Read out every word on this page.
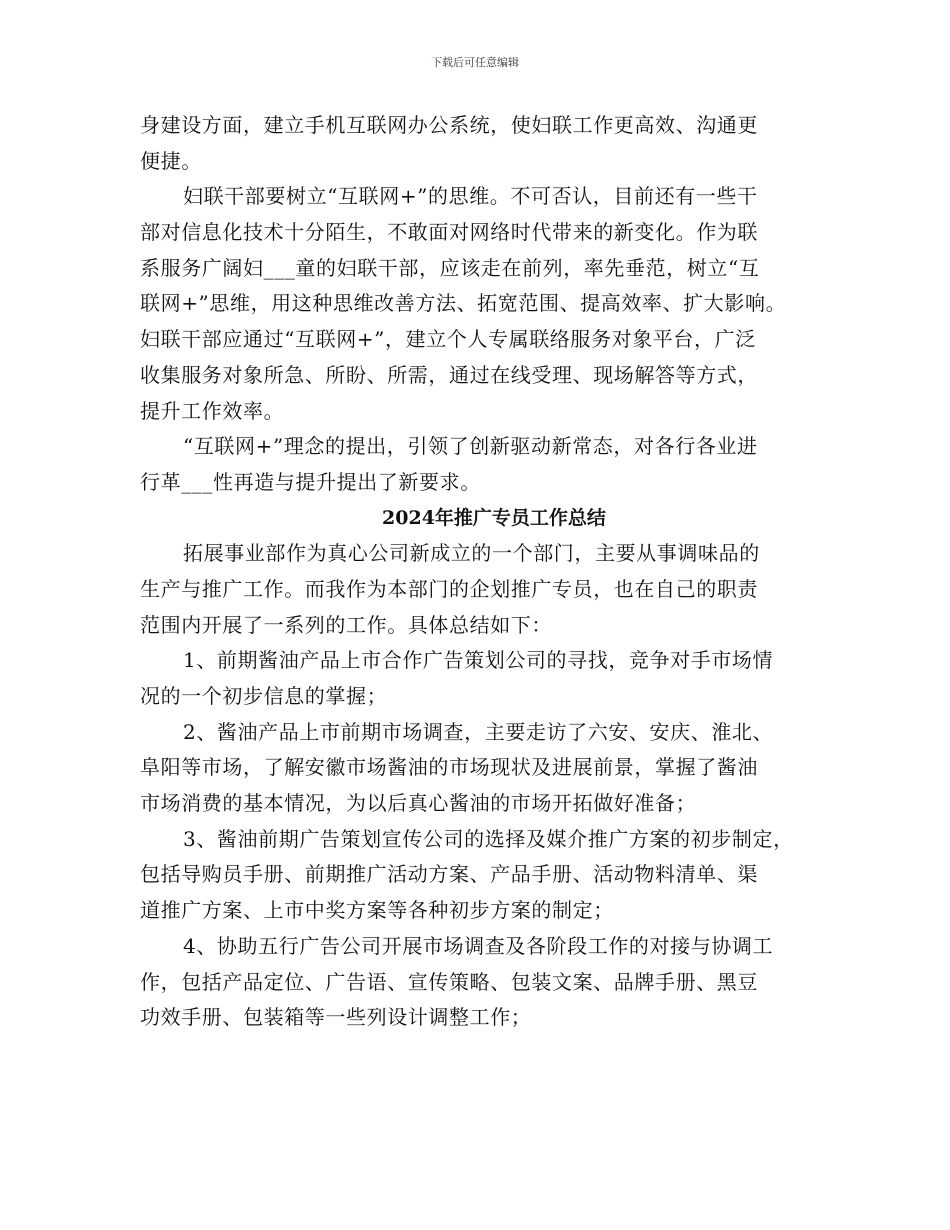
下载后可任意编辑
身建设方面，建立手机互联网办公系统，使妇联工作更高效、沟通更
便捷。
妇联干部要树立“互联网+”的思维。不可否认，目前还有一些干
部对信息化技术十分陌生，不敢面对网络时代带来的新变化。作为联
系服务广阔妇___童的妇联干部，应该走在前列，率先垂范，树立“互
联网+”思维，用这种思维改善方法、拓宽范围、提高效率、扩大影响。
妇联干部应通过“互联网+”，建立个人专属联络服务对象平台，广泛
收集服务对象所急、所盼、所需，通过在线受理、现场解答等方式，
提升工作效率。
“互联网+”理念的提出，引领了创新驱动新常态，对各行各业进
行革___性再造与提升提出了新要求。
2024年推广专员工作总结
拓展事业部作为真心公司新成立的一个部门，主要从事调味品的
生产与推广工作。而我作为本部门的企划推广专员，也在自己的职责
范围内开展了一系列的工作。具体总结如下：
1、前期酱油产品上市合作广告策划公司的寻找，竞争对手市场情
况的一个初步信息的掌握；
2、酱油产品上市前期市场调查，主要走访了六安、安庆、淮北、
阜阳等市场，了解安徽市场酱油的市场现状及进展前景，掌握了酱油
市场消费的基本情况，为以后真心酱油的市场开拓做好准备；
3、酱油前期广告策划宣传公司的选择及媒介推广方案的初步制定，
包括导购员手册、前期推广活动方案、产品手册、活动物料清单、渠
道推广方案、上市中奖方案等各种初步方案的制定；
4、协助五行广告公司开展市场调查及各阶段工作的对接与协调工
作，包括产品定位、广告语、宣传策略、包装文案、品牌手册、黑豆
功效手册、包装箱等一些列设计调整工作；
